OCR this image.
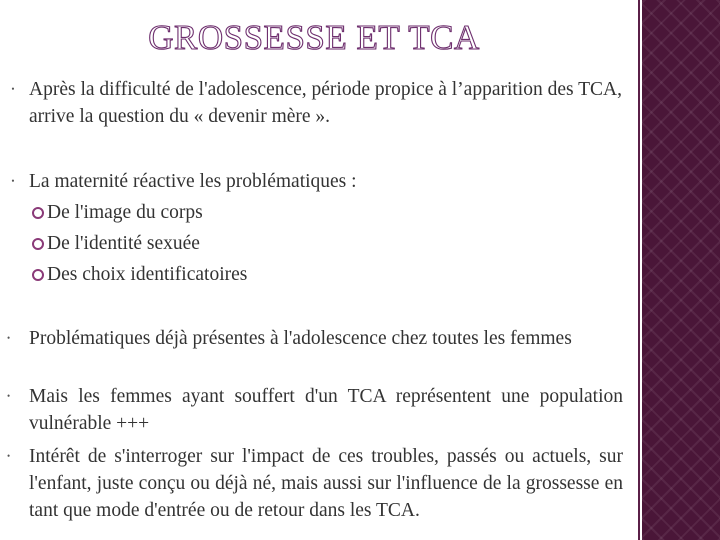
GROSSESSE ET TCA
• Après la difficulté de l'adolescence, période propice à l’apparition des TCA, arrive la question du « devenir mère ».
• La maternité réactive les problématiques :
De l'image du corps
De l'identité sexuée
Des choix identificatoires
• Problématiques déjà présentes à l'adolescence chez toutes les femmes
• Mais les femmes ayant souffert d'un TCA représentent une population vulnérable +++
• Intérêt de s'interroger sur l'impact de ces troubles, passés ou actuels, sur l'enfant, juste conçu ou déjà né, mais aussi sur l'influence de la grossesse en tant que mode d'entrée ou de retour dans les TCA.
